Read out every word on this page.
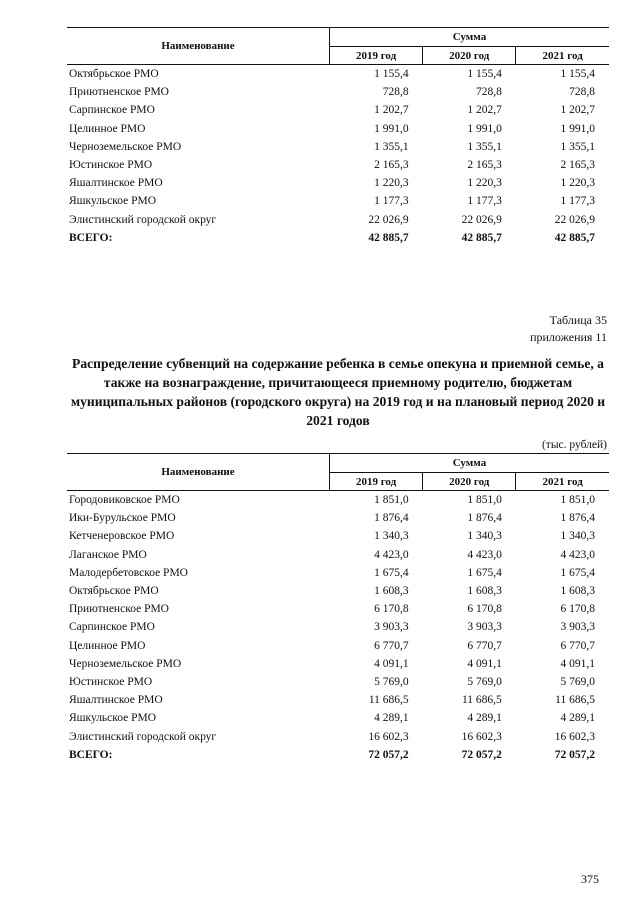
Наименование	Сумма		
	2019 год	2020 год	2021 год
Октябрьское РМО	1 155,4	1 155,4	1 155,4
Приютненское РМО	728,8	728,8	728,8
Сарпинское РМО	1 202,7	1 202,7	1 202,7
Целинное РМО	1 991,0	1 991,0	1 991,0
Черноземельское РМО	1 355,1	1 355,1	1 355,1
Юстинское РМО	2 165,3	2 165,3	2 165,3
Яшалтинское РМО	1 220,3	1 220,3	1 220,3
Яшкульское РМО	1 177,3	1 177,3	1 177,3
Элистинский городской округ	22 026,9	22 026,9	22 026,9
ВСЕГО:	42 885,7	42 885,7	42 885,7
Таблица 35
приложения 11
Распределение субвенций на содержание ребенка в семье опекуна и приемной семье, а также на вознаграждение, причитающееся приемному родителю, бюджетам муниципальных районов (городского округа) на 2019 год и на плановый период 2020 и 2021 годов
(тыс. рублей)
Наименование	Сумма		
	2019 год	2020 год	2021 год
Городовиковское РМО	1 851,0	1 851,0	1 851,0
Ики-Бурульское РМО	1 876,4	1 876,4	1 876,4
Кетченеровское РМО	1 340,3	1 340,3	1 340,3
Лаганское РМО	4 423,0	4 423,0	4 423,0
Малодербетовское РМО	1 675,4	1 675,4	1 675,4
Октябрьское РМО	1 608,3	1 608,3	1 608,3
Приютненское РМО	6 170,8	6 170,8	6 170,8
Сарпинское РМО	3 903,3	3 903,3	3 903,3
Целинное РМО	6 770,7	6 770,7	6 770,7
Черноземельское РМО	4 091,1	4 091,1	4 091,1
Юстинское РМО	5 769,0	5 769,0	5 769,0
Яшалтинское РМО	11 686,5	11 686,5	11 686,5
Яшкульское РМО	4 289,1	4 289,1	4 289,1
Элистинский городской округ	16 602,3	16 602,3	16 602,3
ВСЕГО:	72 057,2	72 057,2	72 057,2
375
